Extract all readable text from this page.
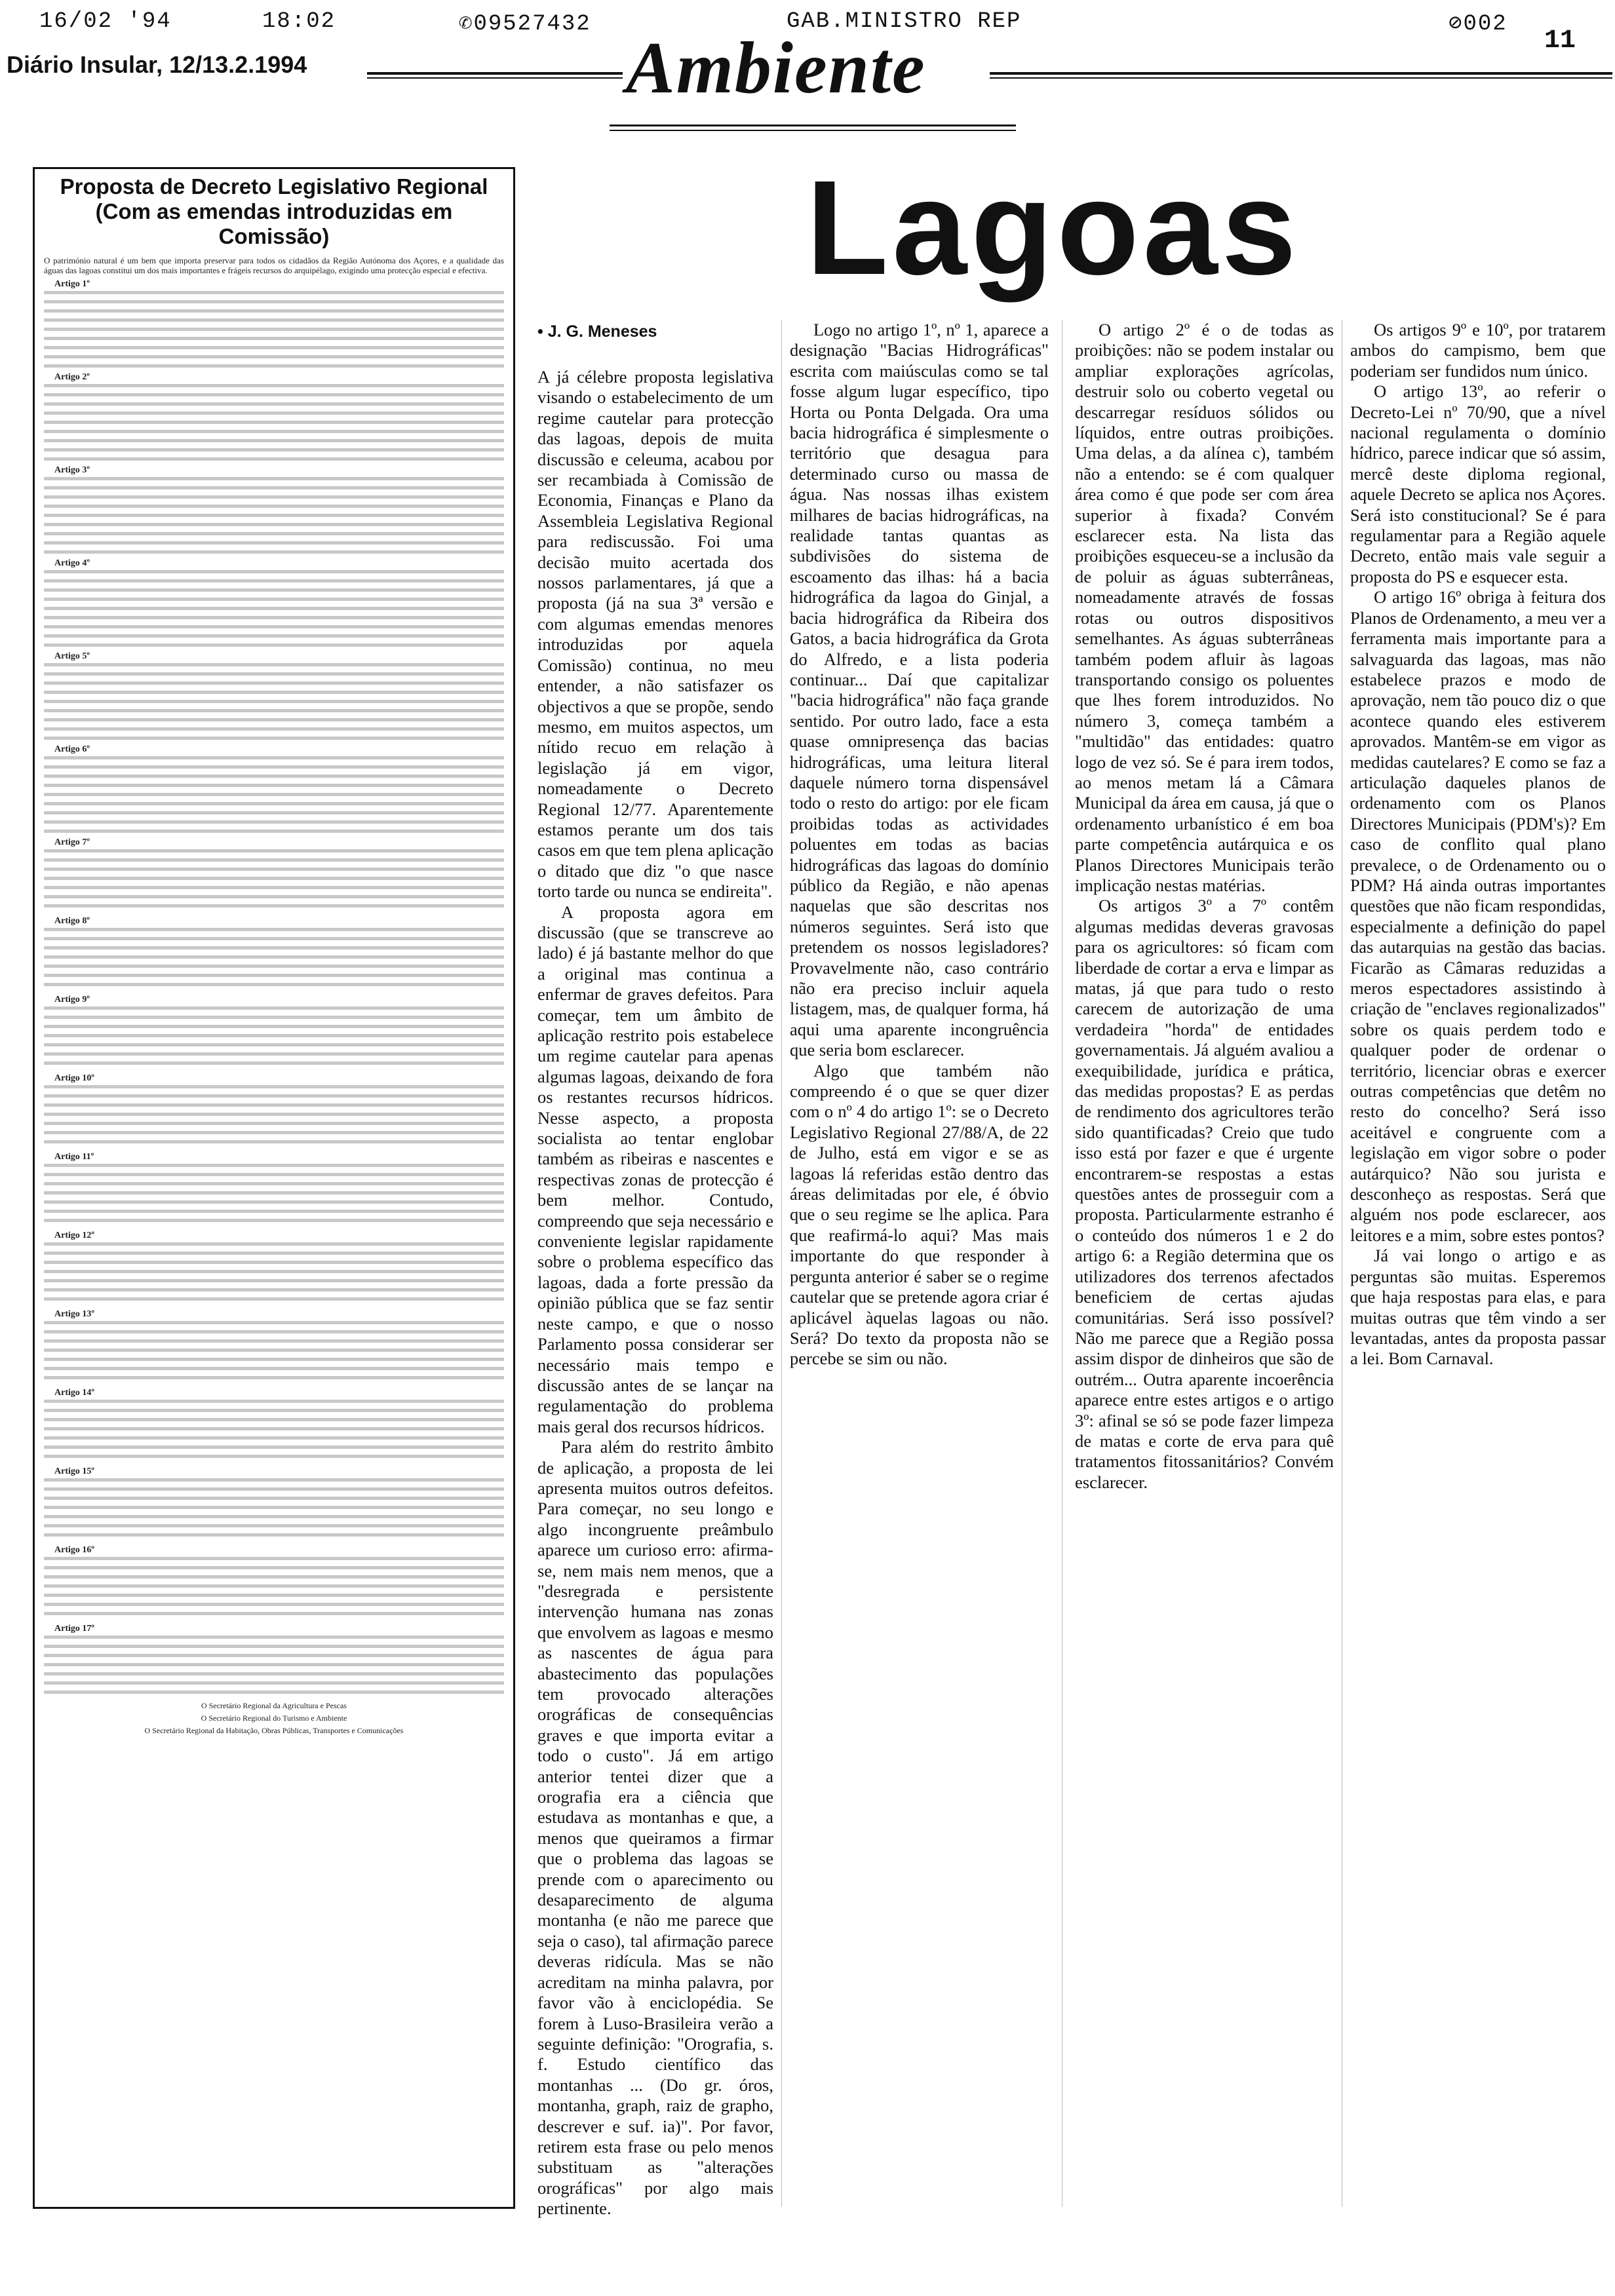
16/02 '94	18:02	✆09527432	GAB.MINISTRO REP	⊘002
Diário Insular, 12/13.2.1994	Ambiente	11
Lagoas
Proposta de Decreto Legislativo Regional
(Com as emendas introduzidas em Comissão)
O património natural é um bem que importa preservar para todos os cidadãos da Região Autónoma dos Açores, e a qualidade das águas das lagoas constitui um dos mais importantes e frágeis recursos do arquipélago, exigindo uma protecção especial e efectiva.
Artigo 1º
Artigo 2º
Artigo 3º
Artigo 4º
Artigo 5º
Artigo 6º
Artigo 7º
Artigo 8º
Artigo 9º
Artigo 10º
Artigo 11º
Artigo 12º
Artigo 13º
Artigo 14º
Artigo 15º
Artigo 16º
Artigo 17º
O Secretário Regional da Agricultura e Pescas
O Secretário Regional do Turismo e Ambiente
O Secretário Regional da Habitação, Obras Públicas, Transportes e Comunicações
• J. G. Meneses

A já célebre proposta legislativa visando o estabelecimento de um regime cautelar para protecção das lagoas, depois de muita discussão e celeuma, acabou por ser recambiada à Comissão de Economia, Finanças e Plano da Assembleia Legislativa Regional para rediscussão. Foi uma decisão muito acertada dos nossos parlamentares, já que a proposta (já na sua 3ª versão e com algumas emendas menores introduzidas por aquela Comissão) continua, no meu entender, a não satisfazer os objectivos a que se propõe, sendo mesmo, em muitos aspectos, um nítido recuo em relação à legislação já em vigor, nomeadamente o Decreto Regional 12/77. Aparentemente estamos perante um dos tais casos em que tem plena aplicação o ditado que diz "o que nasce torto tarde ou nunca se endireita".

A proposta agora em discussão (que se transcreve ao lado) é já bastante melhor do que a original mas continua a enfermar de graves defeitos. Para começar, tem um âmbito de aplicação restrito pois estabelece um regime cautelar para apenas algumas lagoas, deixando de fora os restantes recursos hídricos. Nesse aspecto, a proposta socialista ao tentar englobar também as ribeiras e nascentes e respectivas zonas de protecção é bem melhor. Contudo, compreendo que seja necessário e conveniente legislar rapidamente sobre o problema específico das lagoas, dada a forte pressão da opinião pública que se faz sentir neste campo, e que o nosso Parlamento possa considerar ser necessário mais tempo e discussão antes de se lançar na regulamentação do problema mais geral dos recursos hídricos.

Para além do restrito âmbito de aplicação, a proposta de lei apresenta muitos outros defeitos. Para começar, no seu longo e algo incongruente preâmbulo aparece um curioso erro: afirma-se, nem mais nem menos, que a "desregrada e persistente intervenção humana nas zonas que envolvem as lagoas e mesmo as nascentes de água para abastecimento das populações tem provocado alterações orográficas de consequências graves e que importa evitar a todo o custo". Já em artigo anterior tentei dizer que a orografia era a ciência que estudava as montanhas e que, a menos que queiramos a firmar que o problema das lagoas se prende com o aparecimento ou desaparecimento de alguma montanha (e não me parece que seja o caso), tal afirmação parece deveras ridícula. Mas se não acreditam na minha palavra, por favor vão à enciclopédia. Se forem à Luso-Brasileira verão a seguinte definição: "Orografia, s. f. Estudo científico das montanhas ... (Do gr. óros, montanha, graph, raiz de grapho, descrever e suf. ia)". Por favor, retirem esta frase ou pelo menos substituam as "alterações orográficas" por algo mais pertinente.

Logo no artigo 1º, nº 1, aparece a designação "Bacias Hidrográficas" escrita com maiúsculas como se tal fosse algum lugar específico, tipo Horta ou Ponta Delgada. Ora uma bacia hidrográfica é simplesmente o território que desagua para determinado curso ou massa de água. Nas nossas ilhas existem milhares de bacias hidrográficas, na realidade tantas quantas as subdivisões do sistema de escoamento das ilhas: há a bacia hidrográfica da lagoa do Ginjal, a bacia hidrográfica da Ribeira dos Gatos, a bacia hidrográfica da Grota do Alfredo, e a lista poderia continuar... Daí que capitalizar "bacia hidrográfica" não faça grande sentido. Por outro lado, face a esta quase omnipresença das bacias hidrográficas, uma leitura literal daquele número torna dispensável todo o resto do artigo: por ele ficam proibidas todas as actividades poluentes em todas as bacias hidrográficas das lagoas do domínio público da Região, e não apenas naquelas que são descritas nos números seguintes. Será isto que pretendem os nossos legisladores? Provavelmente não, caso contrário não era preciso incluir aquela listagem, mas, de qualquer forma, há aqui uma aparente incongruência que seria bom esclarecer.

Algo que também não compreendo é o que se quer dizer com o nº 4 do artigo 1º: se o Decreto Legislativo Regional 27/88/A, de 22 de Julho, está em vigor e se as lagoas lá referidas estão dentro das áreas delimitadas por ele, é óbvio que o seu regime se lhe aplica. Para que reafirmá-lo aqui? Mas mais importante do que responder à pergunta anterior é saber se o regime cautelar que se pretende agora criar é aplicável àquelas lagoas ou não. Será? Do texto da proposta não se percebe se sim ou não.

O artigo 2º é o de todas as proibições: não se podem instalar ou ampliar explorações agrícolas, destruir solo ou coberto vegetal ou descarregar resíduos sólidos ou líquidos, entre outras proibições. Uma delas, a da alínea c), também não a entendo: se é com qualquer área como é que pode ser com área superior à fixada? Convém esclarecer esta. Na lista das proibições esqueceu-se a inclusão da de poluir as águas subterrâneas, nomeadamente através de fossas rotas ou outros dispositivos semelhantes. As águas subterrâneas também podem afluir às lagoas transportando consigo os poluentes que lhes forem introduzidos. No número 3, começa também a "multidão" das entidades: quatro logo de vez só. Se é para irem todos, ao menos metam lá a Câmara Municipal da área em causa, já que o ordenamento urbanístico é em boa parte competência autárquica e os Planos Directores Municipais terão implicação nestas matérias.

Os artigos 3º a 7º contêm algumas medidas deveras gravosas para os agricultores: só ficam com liberdade de cortar a erva e limpar as matas, já que para tudo o resto carecem de autorização de uma verdadeira "horda" de entidades governamentais. Já alguém avaliou a exequibilidade, jurídica e prática, das medidas propostas? E as perdas de rendimento dos agricultores terão sido quantificadas? Creio que tudo isso está por fazer e que é urgente encontrarem-se respostas a estas questões antes de prosseguir com a proposta. Particularmente estranho é o conteúdo dos números 1 e 2 do artigo 6: a Região determina que os utilizadores dos terrenos afectados beneficiem de certas ajudas comunitárias. Será isso possível? Não me parece que a Região possa assim dispor de dinheiros que são de outrém... Outra aparente incoerência aparece entre estes artigos e o artigo 3º: afinal se só se pode fazer limpeza de matas e corte de erva para quê tratamentos fitossanitários? Convém esclarecer.

Os artigos 9º e 10º, por tratarem ambos do campismo, bem que poderiam ser fundidos num único.

O artigo 13º, ao referir o Decreto-Lei nº 70/90, que a nível nacional regulamenta o domínio hídrico, parece indicar que só assim, mercê deste diploma regional, aquele Decreto se aplica nos Açores. Será isto constitucional? Se é para regulamentar para a Região aquele Decreto, então mais vale seguir a proposta do PS e esquecer esta.

O artigo 16º obriga à feitura dos Planos de Ordenamento, a meu ver a ferramenta mais importante para a salvaguarda das lagoas, mas não estabelece prazos e modo de aprovação, nem tão pouco diz o que acontece quando eles estiverem aprovados. Mantêm-se em vigor as medidas cautelares? E como se faz a articulação daqueles planos de ordenamento com os Planos Directores Municipais (PDM's)? Em caso de conflito qual plano prevalece, o de Ordenamento ou o PDM? Há ainda outras importantes questões que não ficam respondidas, especialmente a definição do papel das autarquias na gestão das bacias. Ficarão as Câmaras reduzidas a meros espectadores assistindo à criação de "enclaves regionalizados" sobre os quais perdem todo e qualquer poder de ordenar o território, licenciar obras e exercer outras competências que detêm no resto do concelho? Será isso aceitável e congruente com a legislação em vigor sobre o poder autárquico? Não sou jurista e desconheço as respostas. Será que alguém nos pode esclarecer, aos leitores e a mim, sobre estes pontos?

Já vai longo o artigo e as perguntas são muitas. Esperemos que haja respostas para elas, e para muitas outras que têm vindo a ser levantadas, antes da proposta passar a lei. Bom Carnaval.
